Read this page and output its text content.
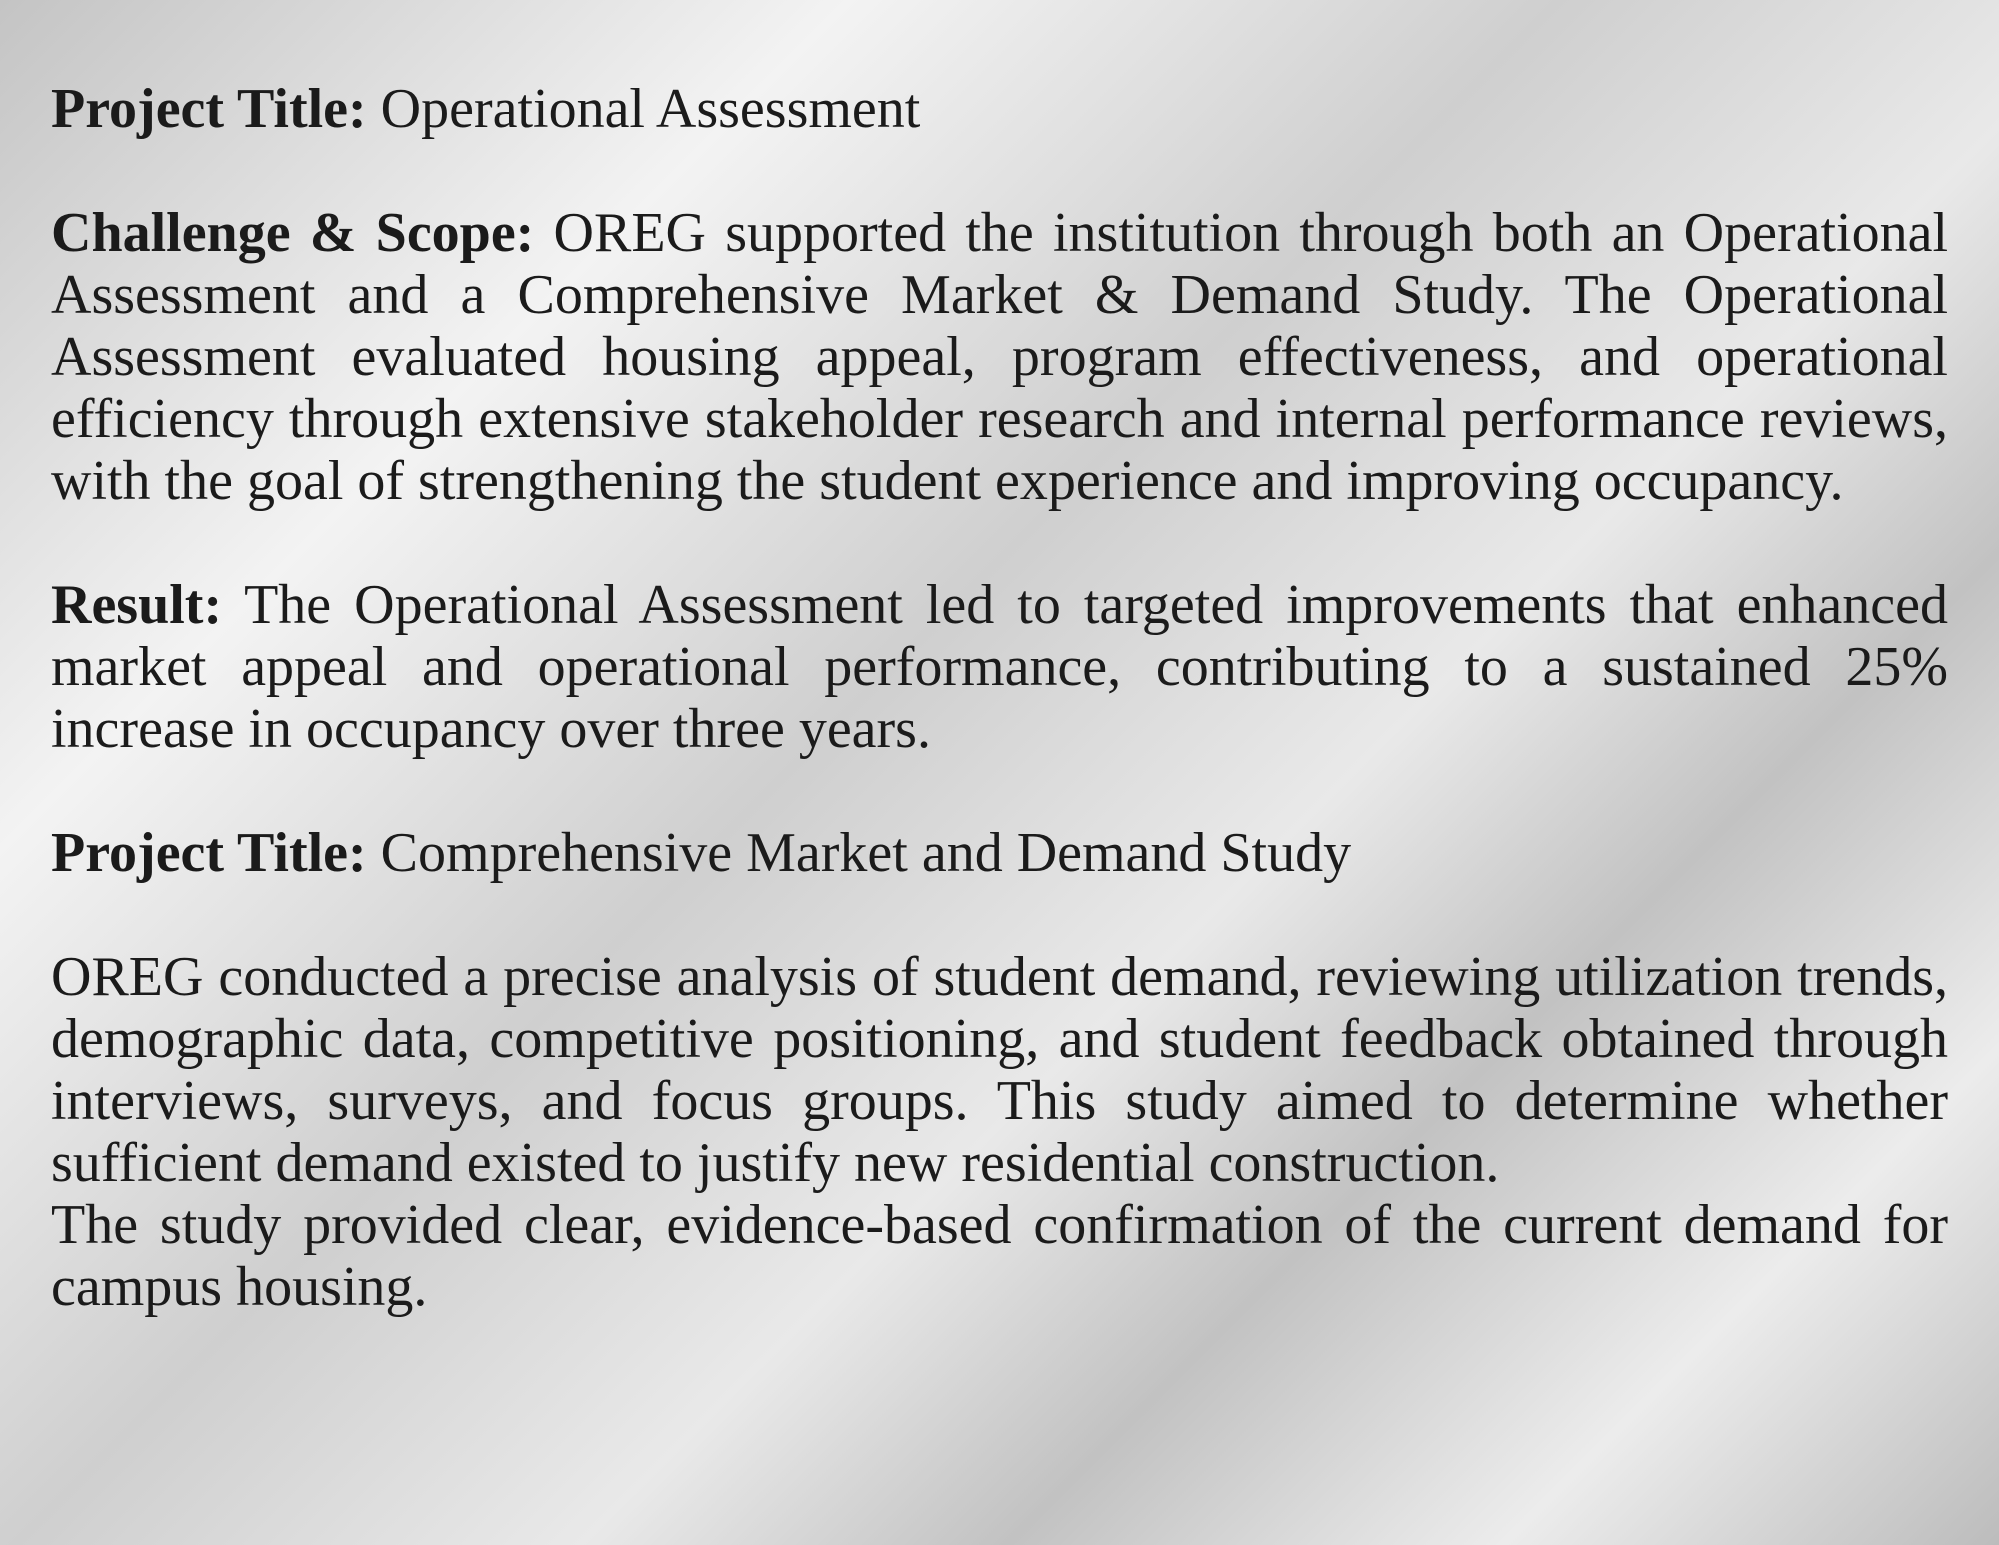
Project Title: Operational Assessment

Challenge & Scope: OREG supported the institution through both an Operational Assessment and a Comprehensive Market & Demand Study. The Operational Assessment evaluated housing appeal, program effectiveness, and operational efficiency through extensive stakeholder research and internal performance reviews, with the goal of strengthening the student experience and improving occupancy.

Result: The Operational Assessment led to targeted improvements that enhanced market appeal and operational performance, contributing to a sustained 25% increase in occupancy over three years.

Project Title: Comprehensive Market and Demand Study

OREG conducted a precise analysis of student demand, reviewing utilization trends, demographic data, competitive positioning, and student feedback obtained through interviews, surveys, and focus groups. This study aimed to determine whether sufficient demand existed to justify new residential construction.

The study provided clear, evidence-based confirmation of the current demand for campus housing.
